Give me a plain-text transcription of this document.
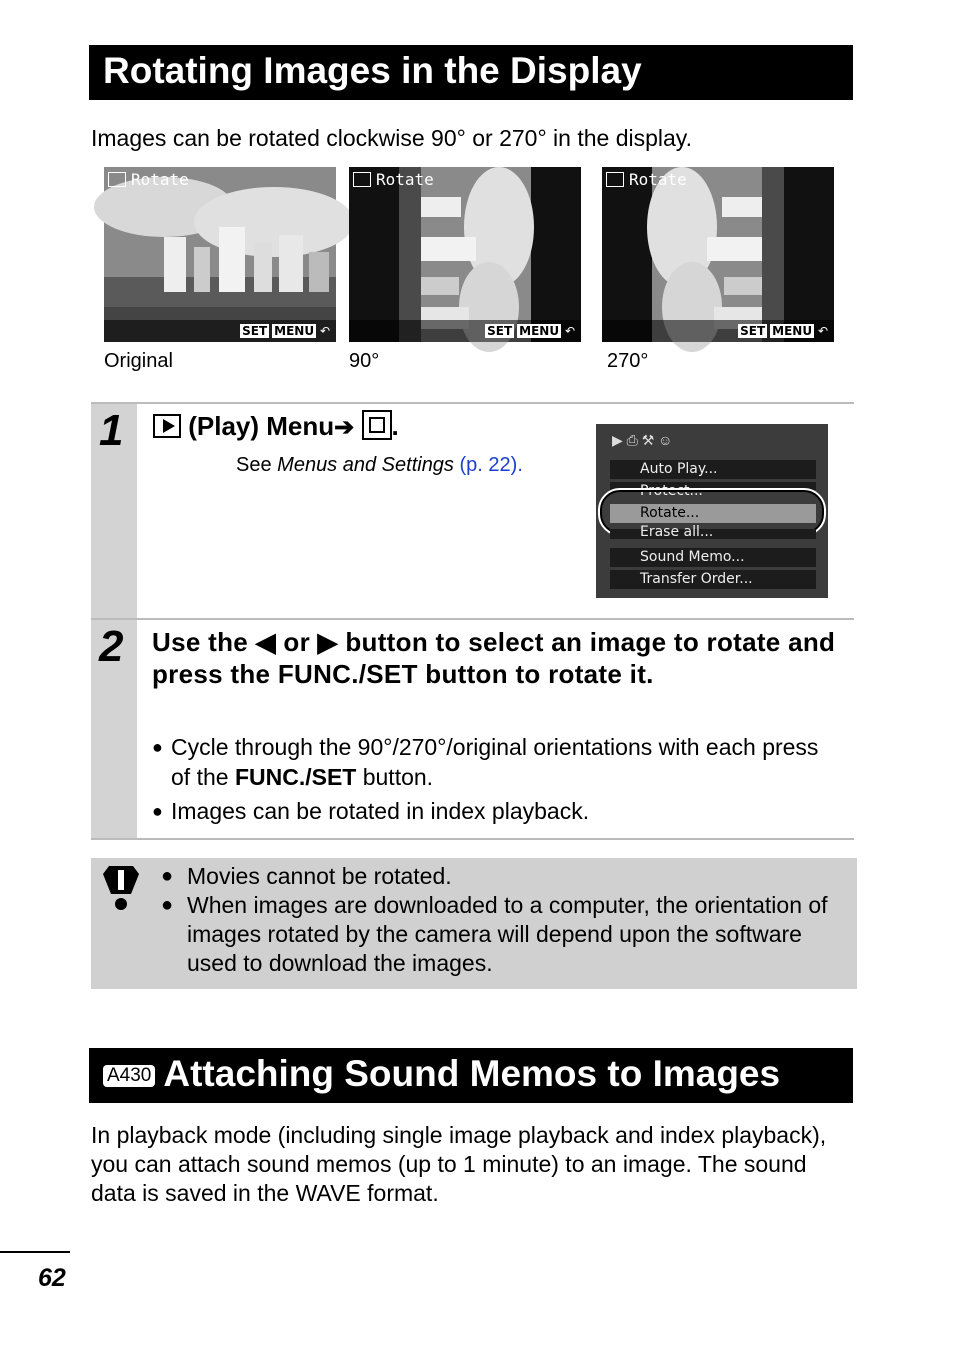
Rotating Images in the Display
Images can be rotated clockwise 90° or 270° in the display.
Rotate
SET MENU ↶
Rotate
SET MENU ↶
Rotate
SET MENU ↶
Original	90°	270°
1	(Play) Menu➔ .
See Menus and Settings (p. 22).
▶ ⎙ ⚒ ☺
Auto Play...
Protect...
Rotate...
Erase all...
Sound Memo...
Transfer Order...
2 Use the ◀ or ▶ button to select an image to rotate and press the FUNC./SET button to rotate it.
● Cycle through the 90°/270°/original orientations with each press of the FUNC./SET button.
● Images can be rotated in index playback.
● Movies cannot be rotated.
● When images are downloaded to a computer, the orientation of images rotated by the camera will depend upon the software used to download the images.
A430 Attaching Sound Memos to Images
In playback mode (including single image playback and index playback), you can attach sound memos (up to 1 minute) to an image. The sound data is saved in the WAVE format.
62
